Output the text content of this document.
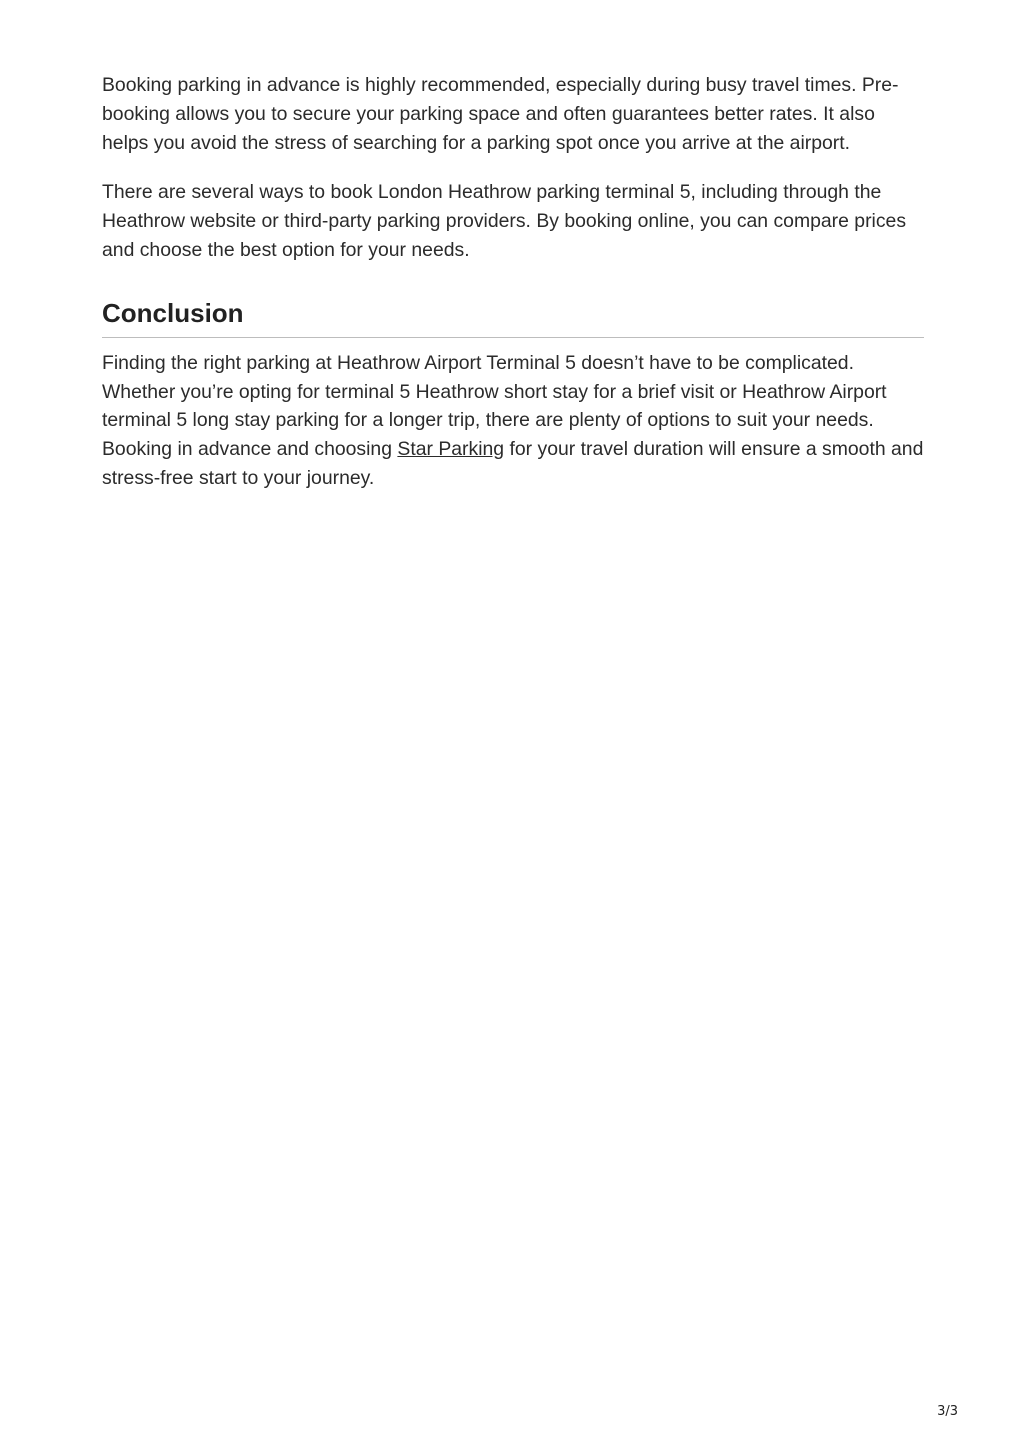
Booking parking in advance is highly recommended, especially during busy travel times. Pre-booking allows you to secure your parking space and often guarantees better rates. It also helps you avoid the stress of searching for a parking spot once you arrive at the airport.

There are several ways to book London Heathrow parking terminal 5, including through the Heathrow website or third-party parking providers. By booking online, you can compare prices and choose the best option for your needs.

Conclusion

Finding the right parking at Heathrow Airport Terminal 5 doesn’t have to be complicated. Whether you’re opting for terminal 5 Heathrow short stay for a brief visit or Heathrow Airport terminal 5 long stay parking for a longer trip, there are plenty of options to suit your needs. Booking in advance and choosing Star Parking for your travel duration will ensure a smooth and stress-free start to your journey.

3/3
